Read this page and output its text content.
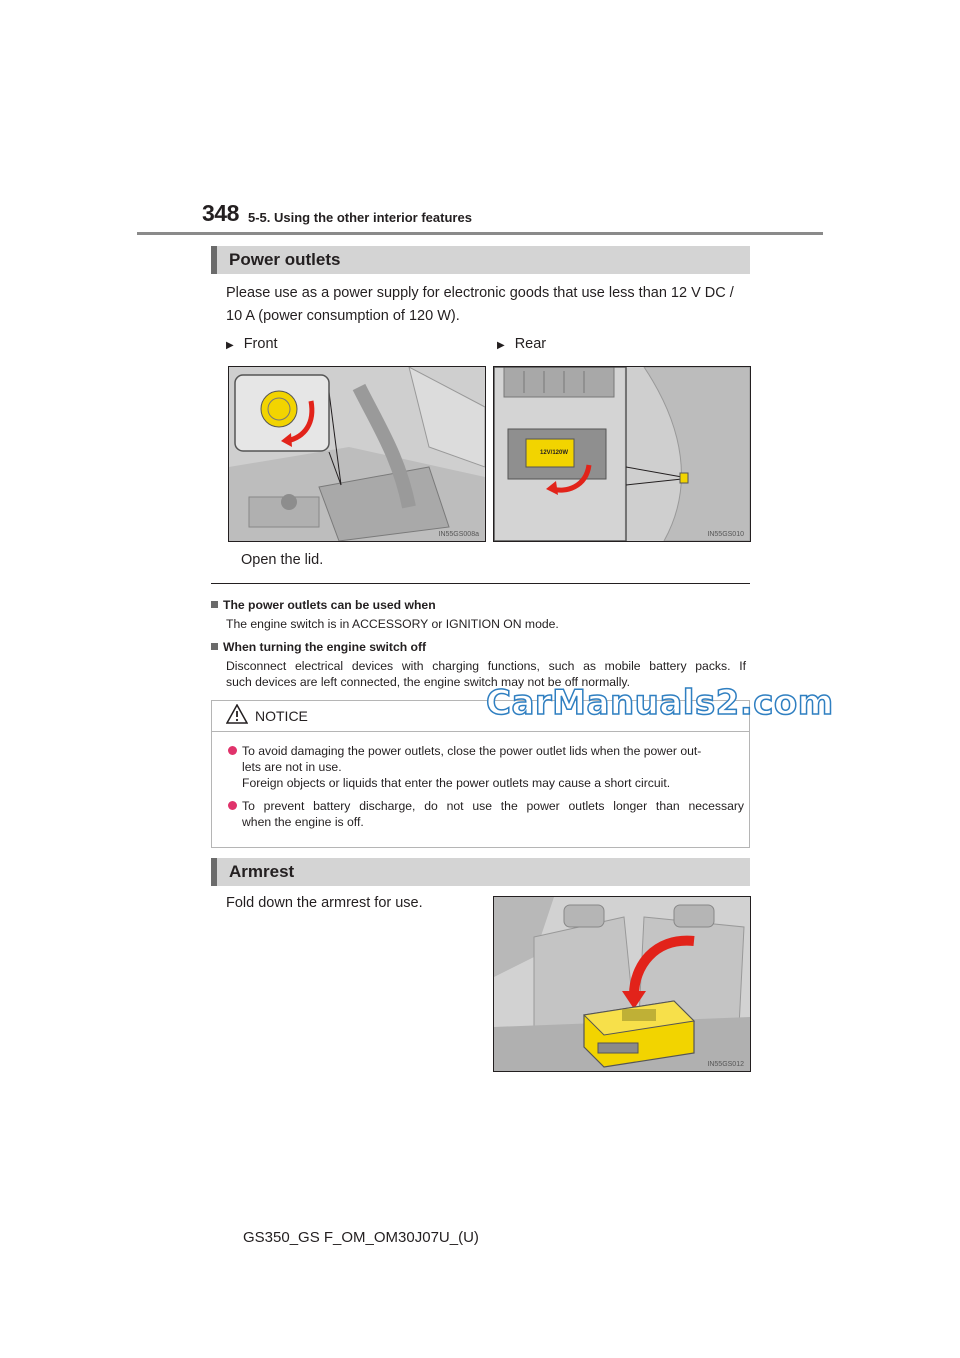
348 5-5. Using the other interior features
Power outlets
Please use as a power supply for electronic goods that use less than 12 V DC /
10 A (power consumption of 120 W).
▶ Front	▶ Rear
IN55GS008a
12V/120W
IN55GS010
Open the lid.
The power outlets can be used when
The engine switch is in ACCESSORY or IGNITION ON mode.
When turning the engine switch off
Disconnect electrical devices with charging functions, such as mobile battery packs. If
such devices are left connected, the engine switch may not be off normally.
NOTICE
To avoid damaging the power outlets, close the power outlet lids when the power out-
lets are not in use.
Foreign objects or liquids that enter the power outlets may cause a short circuit.
To prevent battery discharge, do not use the power outlets longer than necessary
when the engine is off.
CarManuals2.com
Armrest
Fold down the armrest for use.
IN55GS012
GS350_GS F_OM_OM30J07U_(U)
